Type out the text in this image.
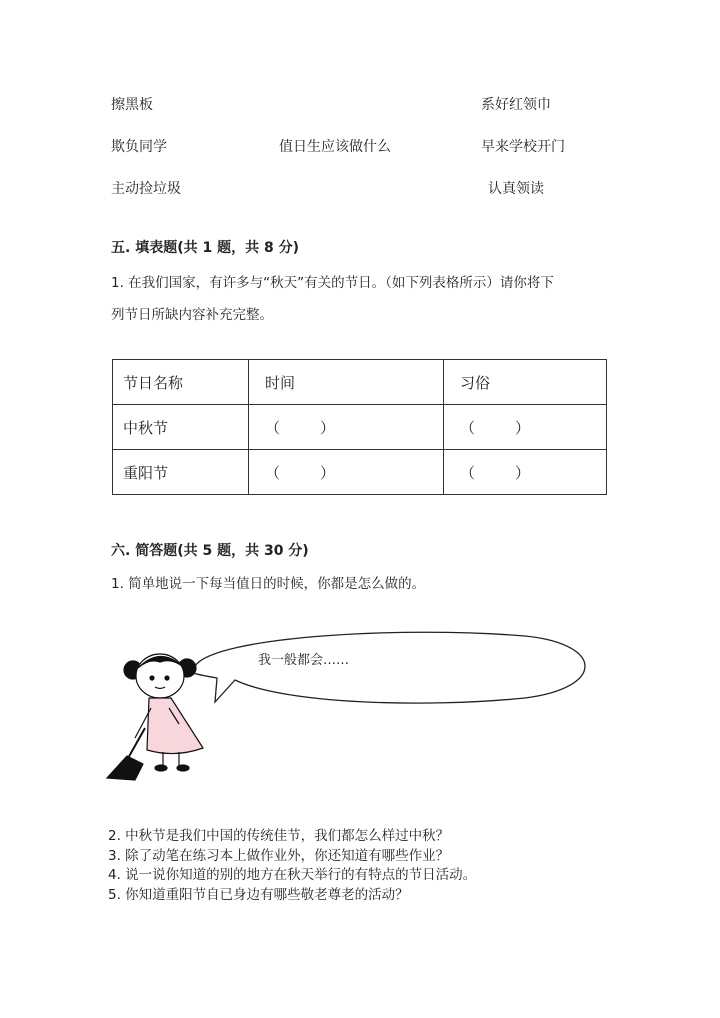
擦黑板
欺负同学
主动捡垃圾
值日生应该做什么
系好红领巾
早来学校开门
认真领读
五. 填表题(共 1 题，共 8 分)
1. 在我们国家，有许多与“秋天”有关的节日。（如下列表格所示）请你将下
列节日所缺内容补充完整。
节日名称	时间	习俗
中秋节	（ ）	（ ）

重阳节	（ ）	（ ）
六. 简答题(共 5 题，共 30 分)
1. 简单地说一下每当值日的时候，你都是怎么做的。
我一般都会……
2. 中秋节是我们中国的传统佳节，我们都怎么样过中秋？
3. 除了动笔在练习本上做作业外，你还知道有哪些作业？
4. 说一说你知道的别的地方在秋天举行的有特点的节日活动。
5. 你知道重阳节自已身边有哪些敬老尊老的活动？
